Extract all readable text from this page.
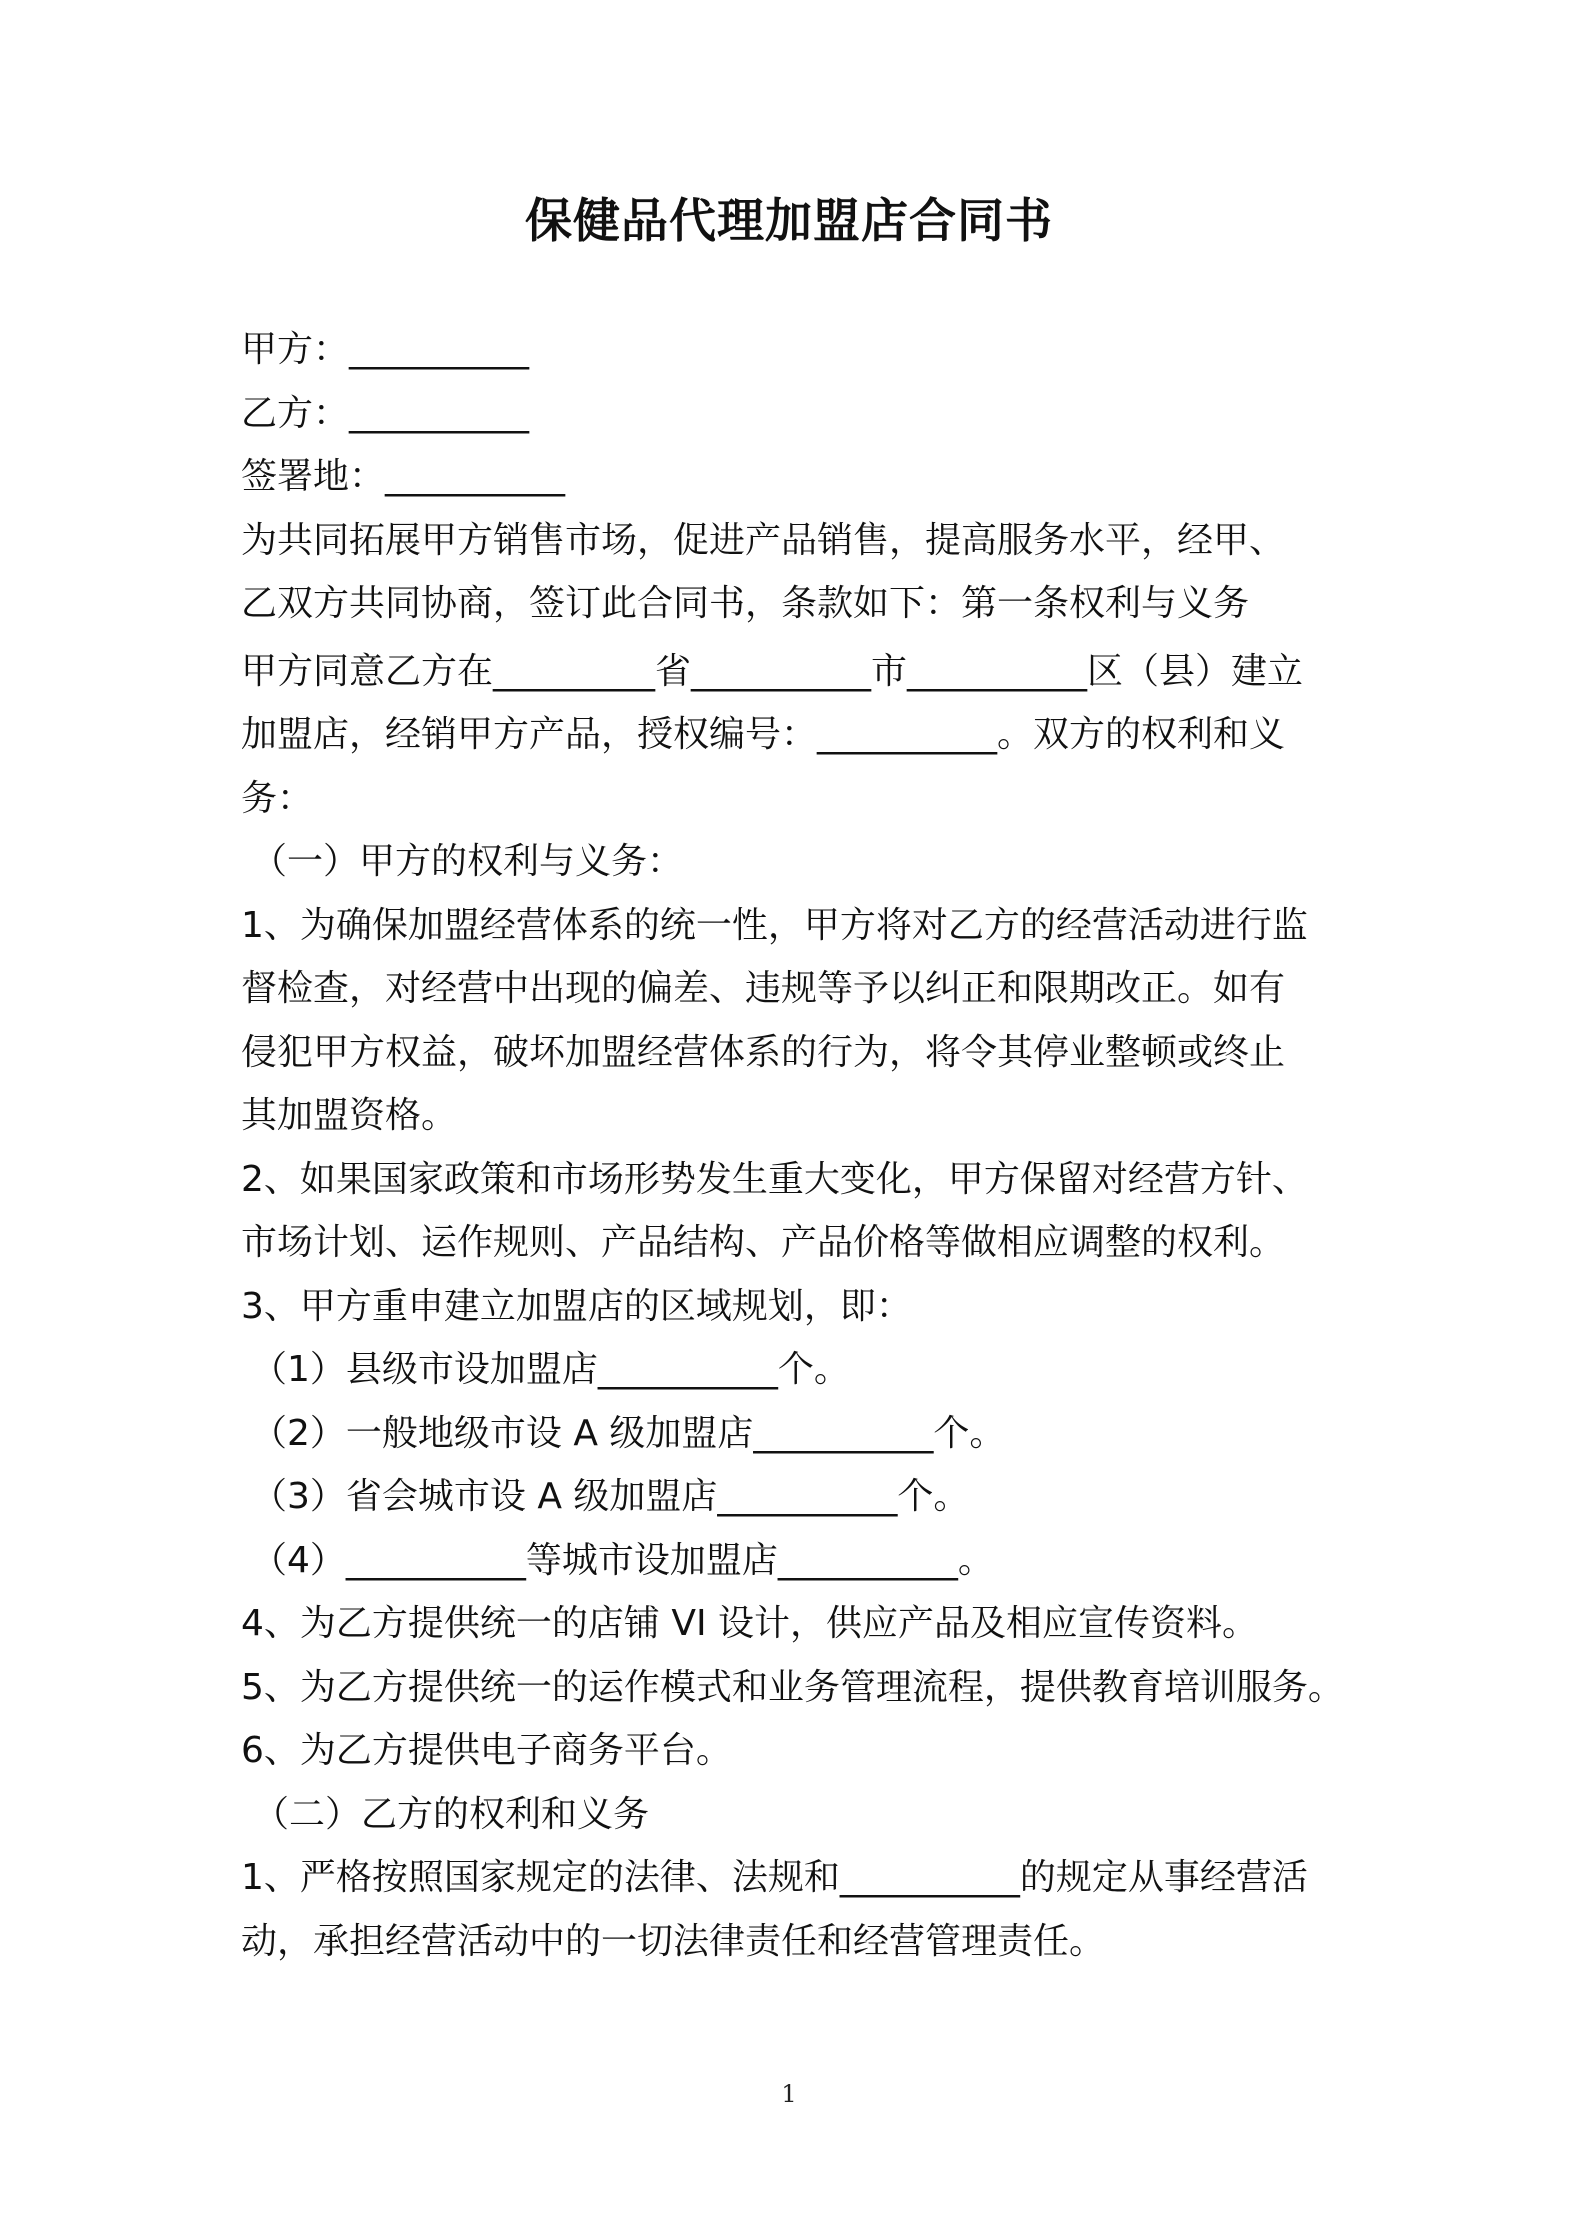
保健品代理加盟店合同书
甲方：__________
乙方：__________
签署地：__________
为共同拓展甲方销售市场，促进产品销售，提高服务水平，经甲、
乙双方共同协商，签订此合同书，条款如下：第一条权利与义务
甲方同意乙方在_________省__________市__________区（县）建立
加盟店，经销甲方产品，授权编号：__________。双方的权利和义
务：
（一）甲方的权利与义务：
1、为确保加盟经营体系的统一性，甲方将对乙方的经营活动进行监
督检查，对经营中出现的偏差、违规等予以纠正和限期改正。如有
侵犯甲方权益，破坏加盟经营体系的行为，将令其停业整顿或终止
其加盟资格。
2、如果国家政策和市场形势发生重大变化，甲方保留对经营方针、
市场计划、运作规则、产品结构、产品价格等做相应调整的权利。
3、甲方重申建立加盟店的区域规划，即：
（1）县级市设加盟店__________个。
（2）一般地级市设 A 级加盟店__________个。
（3）省会城市设 A 级加盟店__________个。
（4）__________等城市设加盟店__________。
4、为乙方提供统一的店铺 VI 设计，供应产品及相应宣传资料。
5、为乙方提供统一的运作模式和业务管理流程，提供教育培训服务。
6、为乙方提供电子商务平台。
（二）乙方的权利和义务
1、严格按照国家规定的法律、法规和__________的规定从事经营活
动，承担经营活动中的一切法律责任和经营管理责任。
1
